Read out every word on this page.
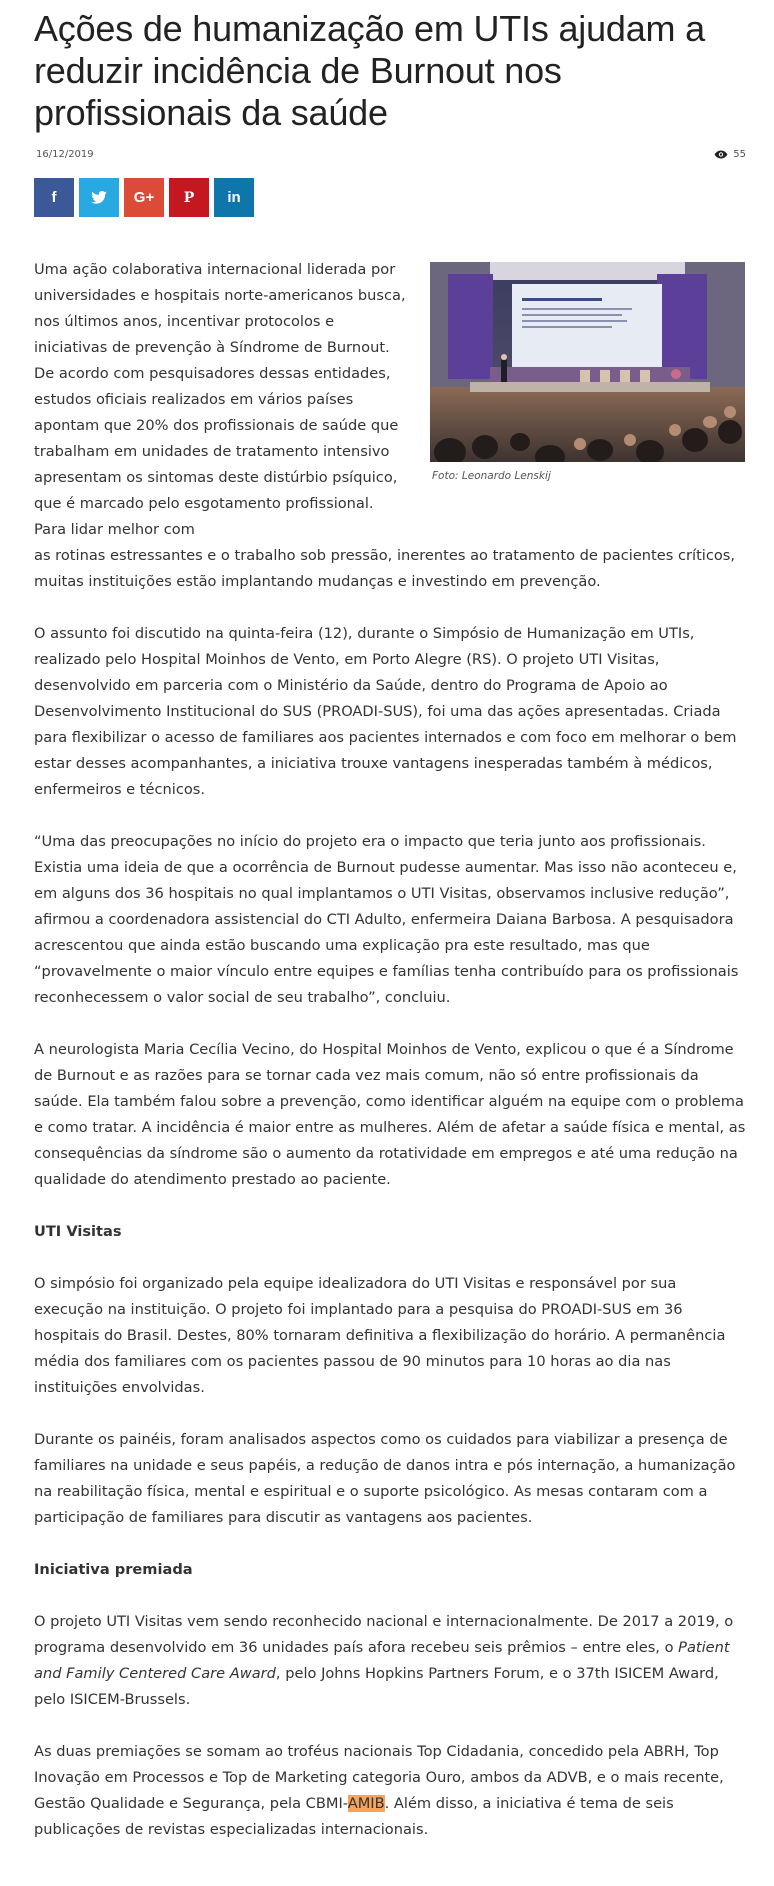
Ações de humanização em UTIs ajudam a reduzir incidência de Burnout nos profissionais da saúde
16/12/2019	55
f	G+ P in
Foto: Leonardo Lenskij

Uma ação colaborativa internacional liderada por universidades e hospitais norte-americanos busca, nos últimos anos, incentivar protocolos e iniciativas de prevenção à Síndrome de Burnout. De acordo com pesquisadores dessas entidades, estudos oficiais realizados em vários países apontam que 20% dos profissionais de saúde que trabalham em unidades de tratamento intensivo apresentam os sintomas deste distúrbio psíquico, que é marcado pelo esgotamento profissional. Para lidar melhor com
as rotinas estressantes e o trabalho sob pressão, inerentes ao tratamento de pacientes críticos, muitas instituições estão implantando mudanças e investindo em prevenção.

O assunto foi discutido na quinta-feira (12), durante o Simpósio de Humanização em UTIs, realizado pelo Hospital Moinhos de Vento, em Porto Alegre (RS). O projeto UTI Visitas, desenvolvido em parceria com o Ministério da Saúde, dentro do Programa de Apoio ao Desenvolvimento Institucional do SUS (PROADI-SUS), foi uma das ações apresentadas. Criada para flexibilizar o acesso de familiares aos pacientes internados e com foco em melhorar o bem estar desses acompanhantes, a iniciativa trouxe vantagens inesperadas também à médicos, enfermeiros e técnicos.

“Uma das preocupações no início do projeto era o impacto que teria junto aos profissionais. Existia uma ideia de que a ocorrência de Burnout pudesse aumentar. Mas isso não aconteceu e, em alguns dos 36 hospitais no qual implantamos o UTI Visitas, observamos inclusive redução”, afirmou a coordenadora assistencial do CTI Adulto, enfermeira Daiana Barbosa. A pesquisadora acrescentou que ainda estão buscando uma explicação pra este resultado, mas que “provavelmente o maior vínculo entre equipes e famílias tenha contribuído para os profissionais reconhecessem o valor social de seu trabalho”, concluiu.

A neurologista Maria Cecília Vecino, do Hospital Moinhos de Vento, explicou o que é a Síndrome de Burnout e as razões para se tornar cada vez mais comum, não só entre profissionais da saúde. Ela também falou sobre a prevenção, como identificar alguém na equipe com o problema e como tratar. A incidência é maior entre as mulheres. Além de afetar a saúde física e mental, as consequências da síndrome são o aumento da rotatividade em empregos e até uma redução na qualidade do atendimento prestado ao paciente.

UTI Visitas

O simpósio foi organizado pela equipe idealizadora do UTI Visitas e responsável por sua execução na instituição. O projeto foi implantado para a pesquisa do PROADI-SUS em 36 hospitais do Brasil. Destes, 80% tornaram definitiva a flexibilização do horário. A permanência média dos familiares com os pacientes passou de 90 minutos para 10 horas ao dia nas instituições envolvidas.

Durante os painéis, foram analisados aspectos como os cuidados para viabilizar a presença de familiares na unidade e seus papéis, a redução de danos intra e pós internação, a humanização na reabilitação física, mental e espiritual e o suporte psicológico. As mesas contaram com a participação de familiares para discutir as vantagens aos pacientes.

Iniciativa premiada

O projeto UTI Visitas vem sendo reconhecido nacional e internacionalmente. De 2017 a 2019, o programa desenvolvido em 36 unidades país afora recebeu seis prêmios – entre eles, o Patient and Family Centered Care Award, pelo Johns Hopkins Partners Forum, e o 37th ISICEM Award, pelo ISICEM-Brussels.

As duas premiações se somam ao troféus nacionais Top Cidadania, concedido pela ABRH, Top Inovação em Processos e Top de Marketing categoria Ouro, ambos da ADVB, e o mais recente, Gestão Qualidade e Segurança, pela CBMI-AMIB. Além disso, a iniciativa é tema de seis publicações de revistas especializadas internacionais.
